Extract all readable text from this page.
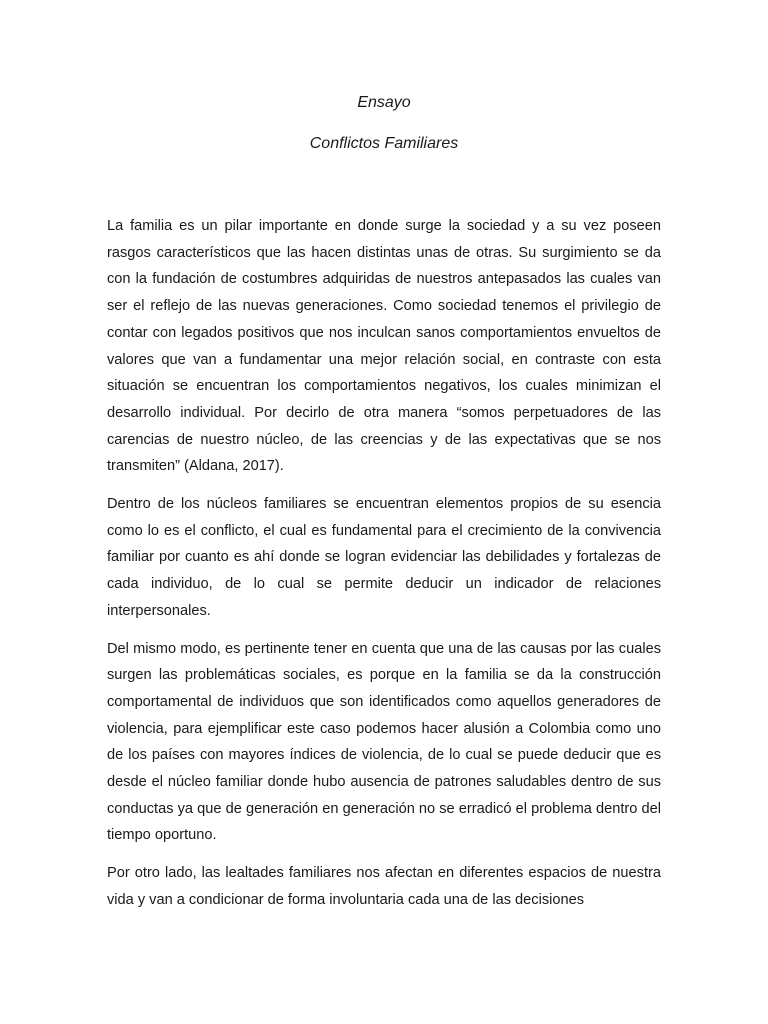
Ensayo
Conflictos Familiares

La familia es un pilar importante en donde surge la sociedad y a su vez poseen rasgos característicos que las hacen distintas unas de otras. Su surgimiento se da con la fundación de costumbres adquiridas de nuestros antepasados las cuales van ser el reflejo de las nuevas generaciones. Como sociedad tenemos el privilegio de contar con legados positivos que nos inculcan sanos comportamientos envueltos de valores que van a fundamentar una mejor relación social, en contraste con esta situación se encuentran los comportamientos negativos, los cuales minimizan el desarrollo individual. Por decirlo de otra manera “somos perpetuadores de las carencias de nuestro núcleo, de las creencias y de las expectativas que se nos transmiten” (Aldana, 2017).

Dentro de los núcleos familiares se encuentran elementos propios de su esencia como lo es el conflicto, el cual es fundamental para el crecimiento de la convivencia familiar por cuanto es ahí donde se logran evidenciar las debilidades y fortalezas de cada individuo, de lo cual se permite deducir un indicador de relaciones interpersonales.

Del mismo modo, es pertinente tener en cuenta que una de las causas por las cuales surgen las problemáticas sociales, es porque en la familia se da la construcción comportamental de individuos que son identificados como aquellos generadores de violencia, para ejemplificar este caso podemos hacer alusión a Colombia como uno de los países con mayores índices de violencia, de lo cual se puede deducir que es desde el núcleo familiar donde hubo ausencia de patrones saludables dentro de sus conductas ya que de generación en generación no se erradicó el problema dentro del tiempo oportuno.

Por otro lado, las lealtades familiares nos afectan en diferentes espacios de nuestra vida y van a condicionar de forma involuntaria cada una de las decisiones
